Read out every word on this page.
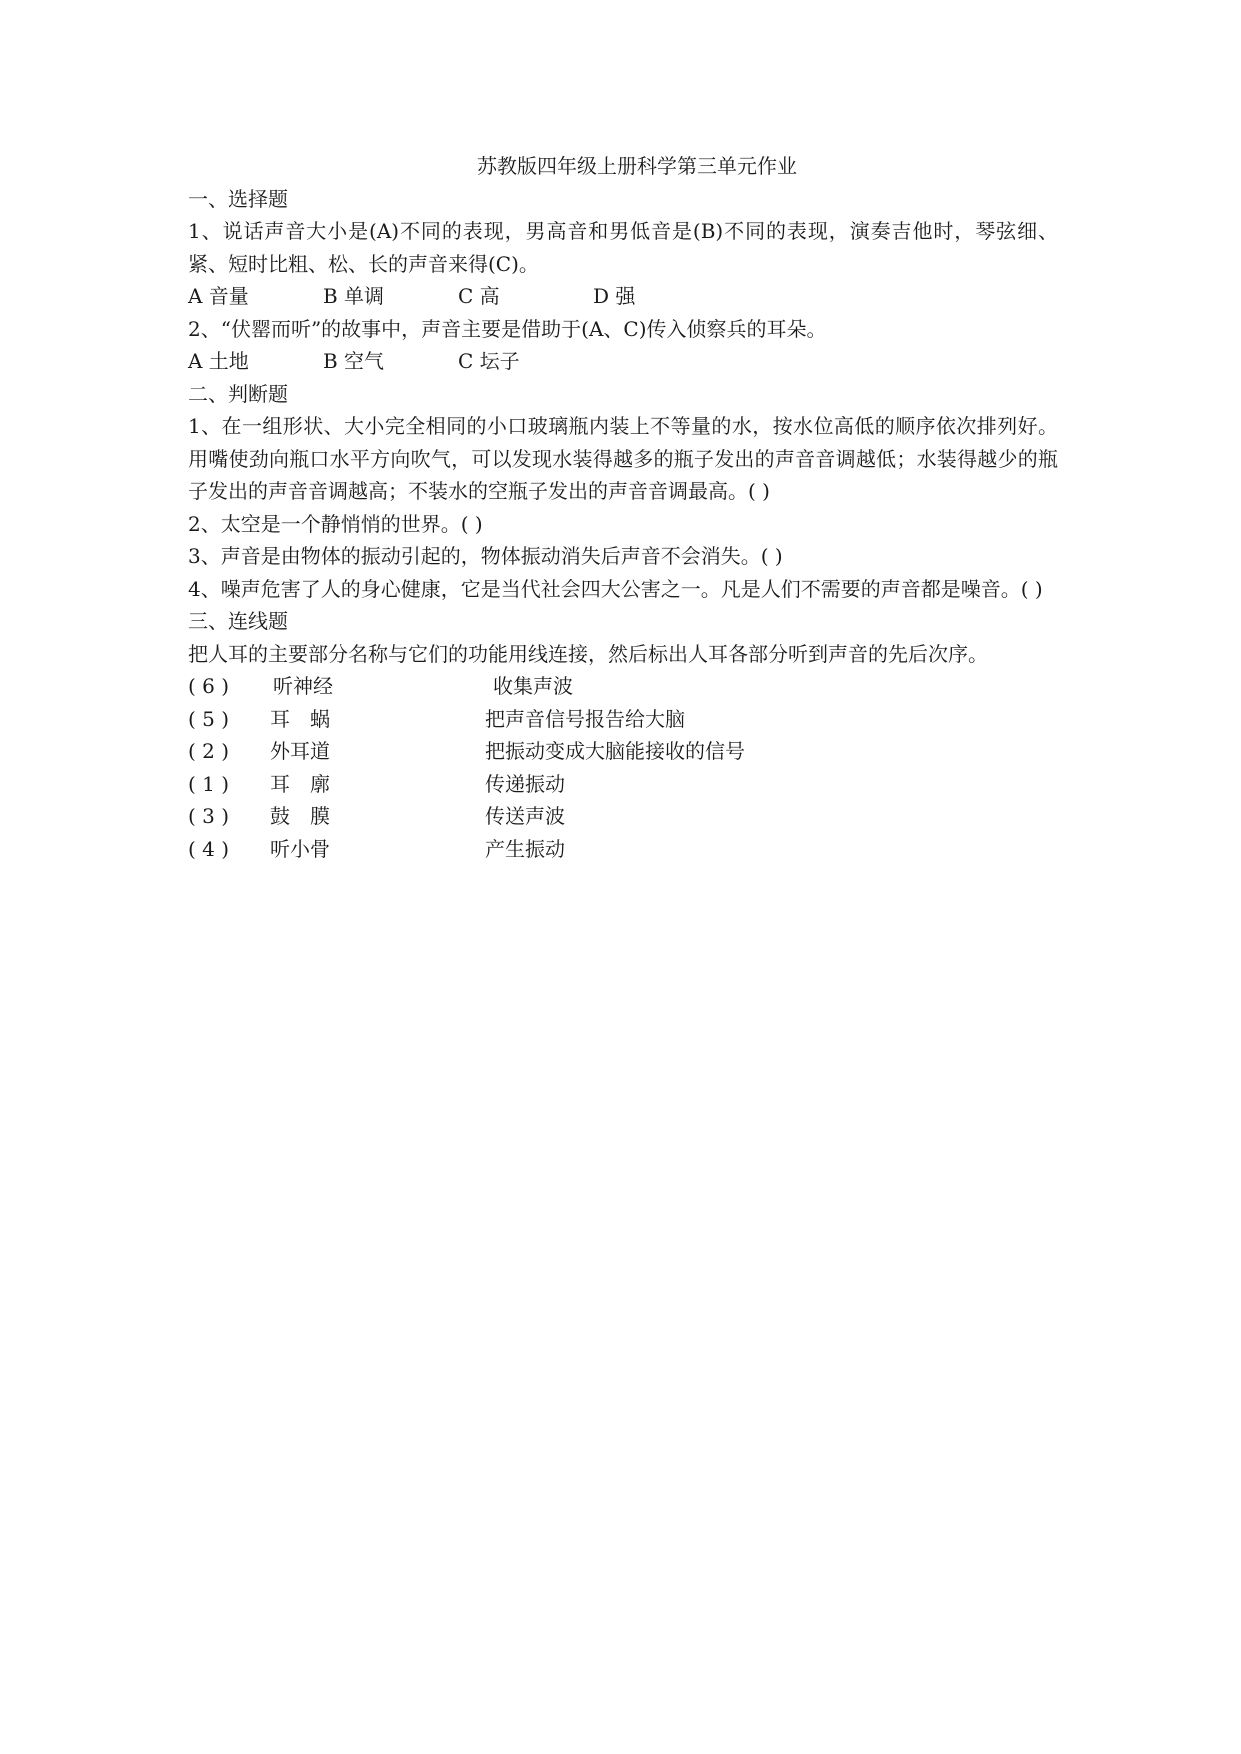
苏教版四年级上册科学第三单元作业
一、选择题
1、说话声音大小是(A)不同的表现，男高音和男低音是(B)不同的表现，演奏吉他时，琴弦细、紧、短时比粗、松、长的声音来得(C)。
A 音量	B 单调	C 高	D 强
2、“伏罂而听”的故事中，声音主要是借助于(A、C)传入侦察兵的耳朵。
A 土地	B 空气	C 坛子
二、判断题
1、在一组形状、大小完全相同的小口玻璃瓶内装上不等量的水，按水位高低的顺序依次排列好。用嘴使劲向瓶口水平方向吹气，可以发现水装得越多的瓶子发出的声音音调越低；水装得越少的瓶子发出的声音音调越高；不装水的空瓶子发出的声音音调最高。( )
2、太空是一个静悄悄的世界。( )
3、声音是由物体的振动引起的，物体振动消失后声音不会消失。( )
4、噪声危害了人的身心健康，它是当代社会四大公害之一。凡是人们不需要的声音都是噪音。( )
三、连线题
把人耳的主要部分名称与它们的功能用线连接，然后标出人耳各部分听到声音的先后次序。
( 6 ) 听神经	收集声波
( 5 ) 耳　蜗	把声音信号报告给大脑
( 2 ) 外耳道	把振动变成大脑能接收的信号
( 1 ) 耳　廓	传递振动
( 3 ) 鼓　膜	传送声波
( 4 ) 听小骨	产生振动
